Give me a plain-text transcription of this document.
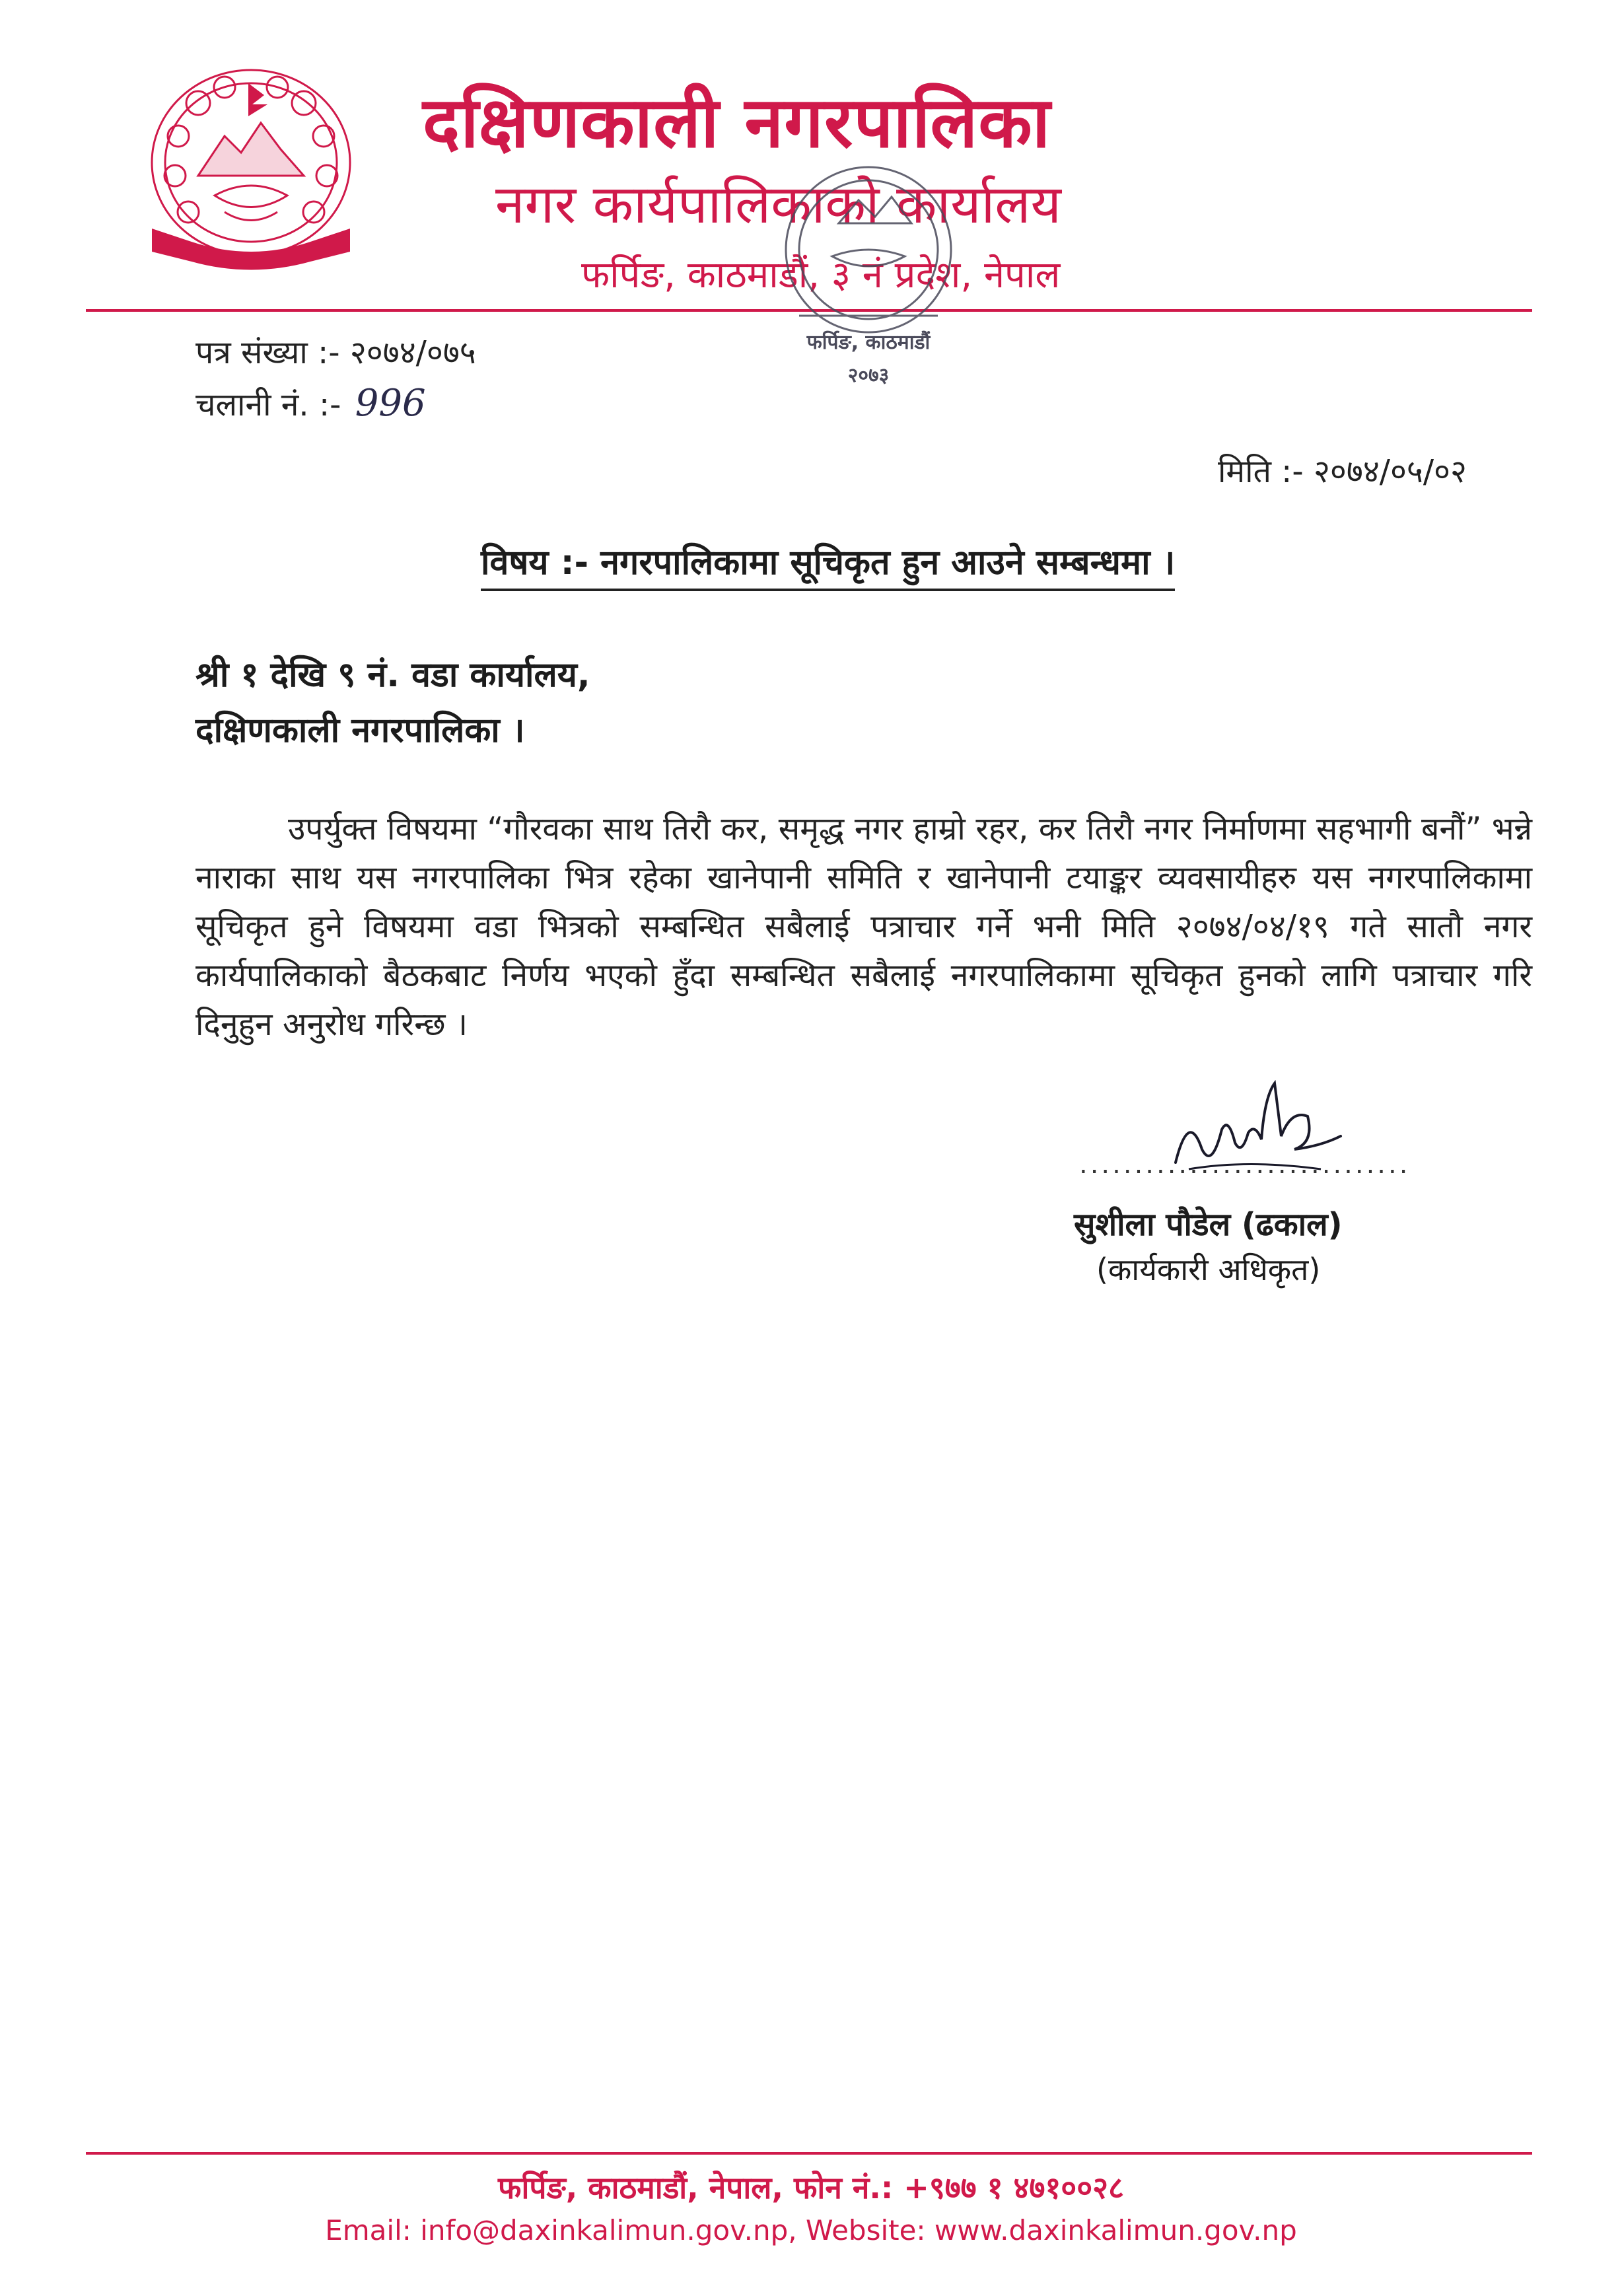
दक्षिणकाली नगरपालिका
नगर कार्यपालिकाको कार्यालय
फर्पिङ, काठमाडौं, ३ नं प्रदेश, नेपाल
फर्पिङ, काठमाडौं
२०७३
पत्र संख्या :- २०७४/०७५
चलानी नं. :- 996
मिति :- २०७४/०५/०२
विषय :- नगरपालिकामा सूचिकृत हुन आउने सम्बन्धमा ।
श्री १ देखि ९ नं. वडा कार्यालय,
दक्षिणकाली नगरपालिका ।
उपर्युक्त विषयमा “गौरवका साथ तिरौ कर, समृद्ध नगर हाम्रो रहर, कर तिरौ नगर निर्माणमा सहभागी बनौं” भन्ने नाराका साथ यस नगरपालिका भित्र रहेका खानेपानी समिति र खानेपानी टयाङ्कर व्यवसायीहरु यस नगरपालिकामा सूचिकृत हुने विषयमा वडा भित्रको सम्बन्धित सबैलाई पत्राचार गर्ने भनी मिति २०७४/०४/१९ गते सातौ नगर कार्यपालिकाको बैठकबाट निर्णय भएको हुँदा सम्बन्धित सबैलाई नगरपालिकामा सूचिकृत हुनको लागि पत्राचार गरि दिनुहुन अनुरोध गरिन्छ ।
..............................
सुशीला पौडेल (ढकाल)
(कार्यकारी अधिकृत)
फर्पिङ, काठमाडौं, नेपाल, फोन नं.: +९७७ १ ४७१००२८
Email: info@daxinkalimun.gov.np, Website: www.daxinkalimun.gov.np
